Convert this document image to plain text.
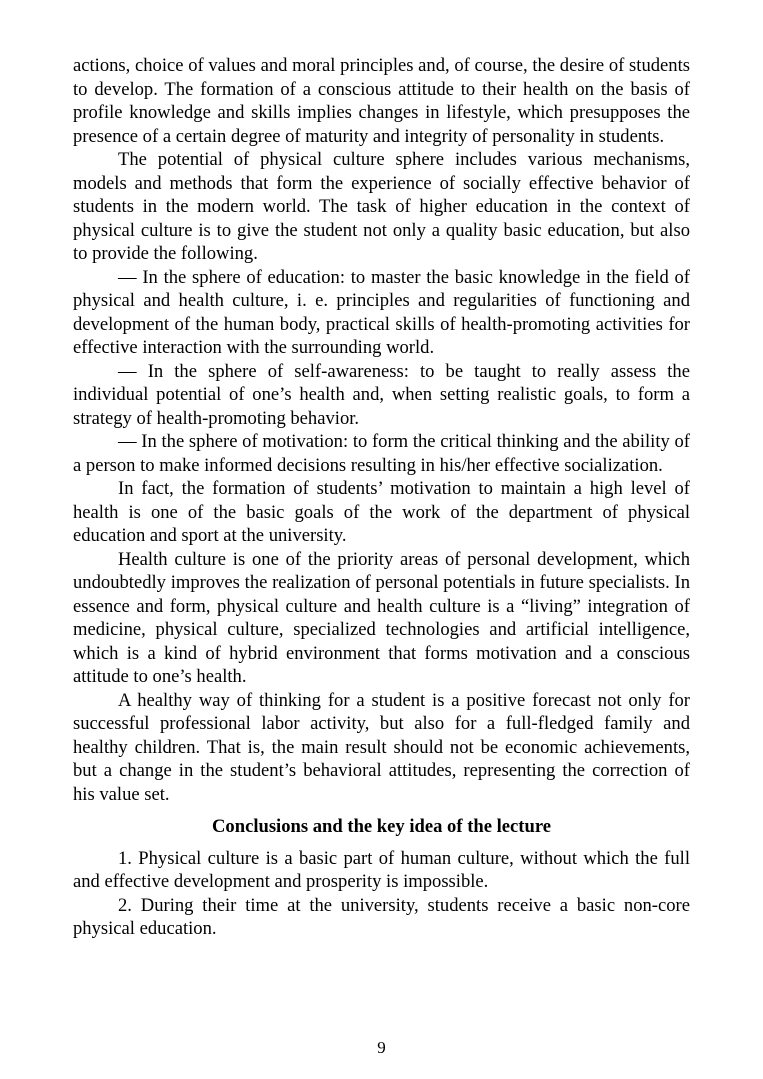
actions, choice of values and moral principles and, of course, the desire of students to develop. The formation of a conscious attitude to their health on the basis of profile knowledge and skills implies changes in lifestyle, which presupposes the presence of a certain degree of maturity and integrity of personality in students.

The potential of physical culture sphere includes various mechanisms, models and methods that form the experience of socially effective behavior of students in the modern world. The task of higher education in the context of physical culture is to give the student not only a quality basic education, but also to provide the following.

— In the sphere of education: to master the basic knowledge in the field of physical and health culture, i. e. principles and regularities of functioning and development of the human body, practical skills of health-promoting activities for effective interaction with the surrounding world.

— In the sphere of self-awareness: to be taught to really assess the individual potential of one’s health and, when setting realistic goals, to form a strategy of health-promoting behavior.

— In the sphere of motivation: to form the critical thinking and the ability of a person to make informed decisions resulting in his/her effective socialization.

In fact, the formation of students’ motivation to maintain a high level of health is one of the basic goals of the work of the department of physical education and sport at the university.

Health culture is one of the priority areas of personal development, which undoubtedly improves the realization of personal potentials in future specialists. In essence and form, physical culture and health culture is a “living” integration of medicine, physical culture, specialized technologies and artificial intelligence, which is a kind of hybrid environment that forms motivation and a conscious attitude to one’s health.

A healthy way of thinking for a student is a positive forecast not only for successful professional labor activity, but also for a full-fledged family and healthy children. That is, the main result should not be economic achievements, but a change in the student’s behavioral attitudes, representing the correction of his value set.

Conclusions and the key idea of the lecture

1. Physical culture is a basic part of human culture, without which the full and effective development and prosperity is impossible.

2. During their time at the university, students receive a basic non-core physical education.

9
